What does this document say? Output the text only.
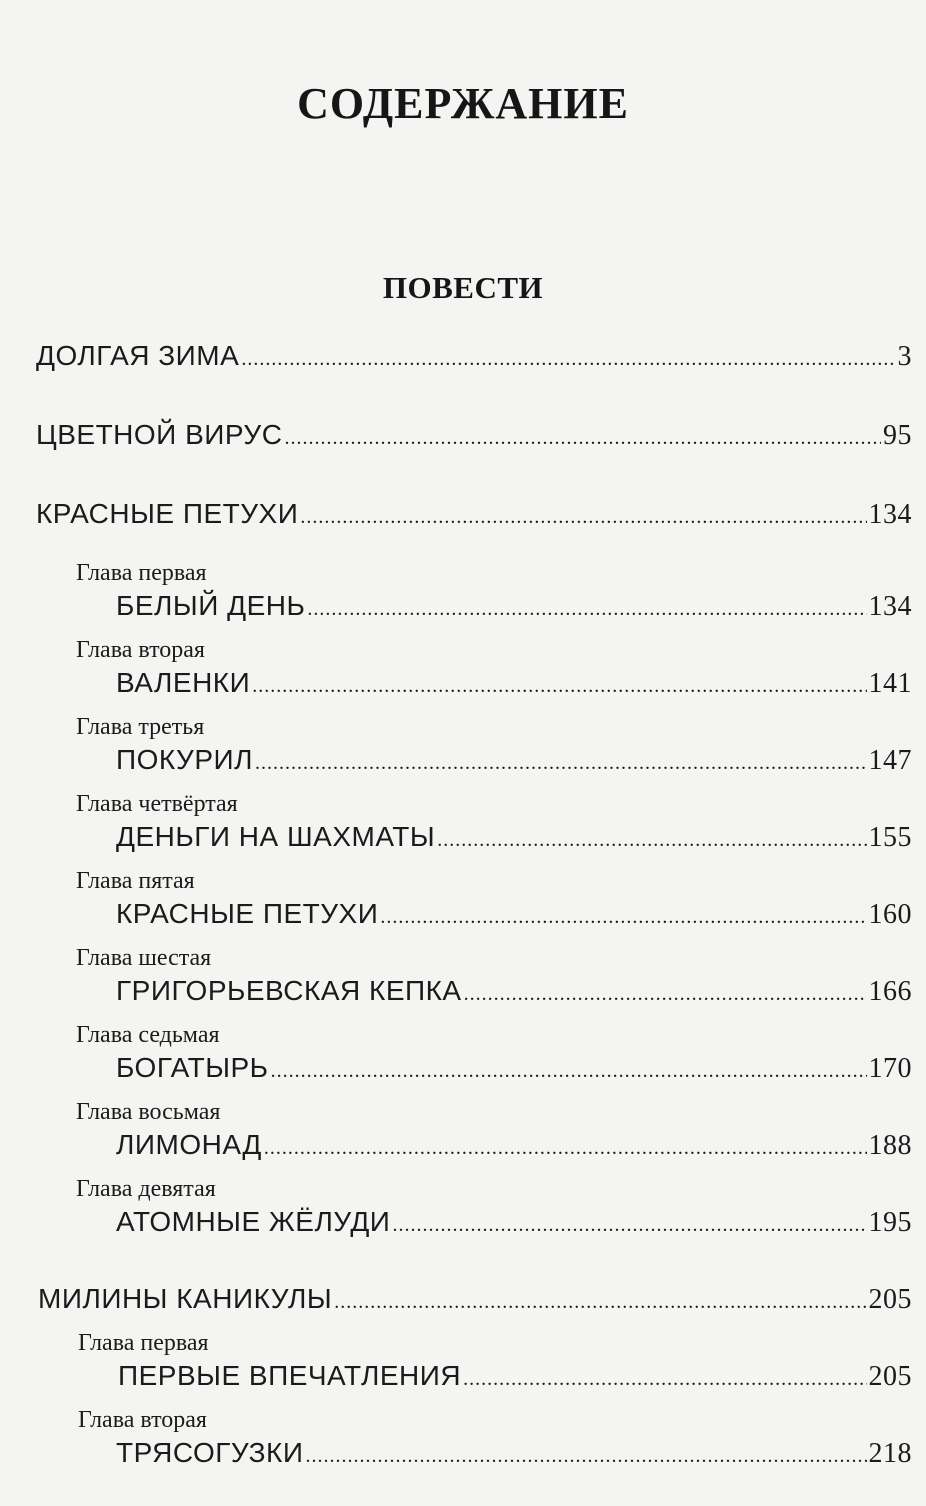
СОДЕРЖАНИЕ
ПОВЕСТИ
ДОЛГАЯ ЗИМА .....	3
ЦВЕТНОЙ ВИРУС .....	95
КРАСНЫЕ ПЕТУХИ .....	134
Глава первая
БЕЛЫЙ ДЕНЬ .....	134
Глава вторая
ВАЛЕНКИ .....	141
Глава третья
ПОКУРИЛ .....	147
Глава четвёртая
ДЕНЬГИ НА ШАХМАТЫ .....	155
Глава пятая
КРАСНЫЕ ПЕТУХИ .....	160
Глава шестая
ГРИГОРЬЕВСКАЯ КЕПКА .....	166
Глава седьмая
БОГАТЫРЬ .....	170
Глава восьмая
ЛИМОНАД .....	188
Глава девятая
АТОМНЫЕ ЖЁЛУДИ .....	195
МИЛИНЫ КАНИКУЛЫ .....	205
Глава первая
ПЕРВЫЕ ВПЕЧАТЛЕНИЯ .....	205
Глава вторая
ТРЯСОГУЗКИ .....	218
